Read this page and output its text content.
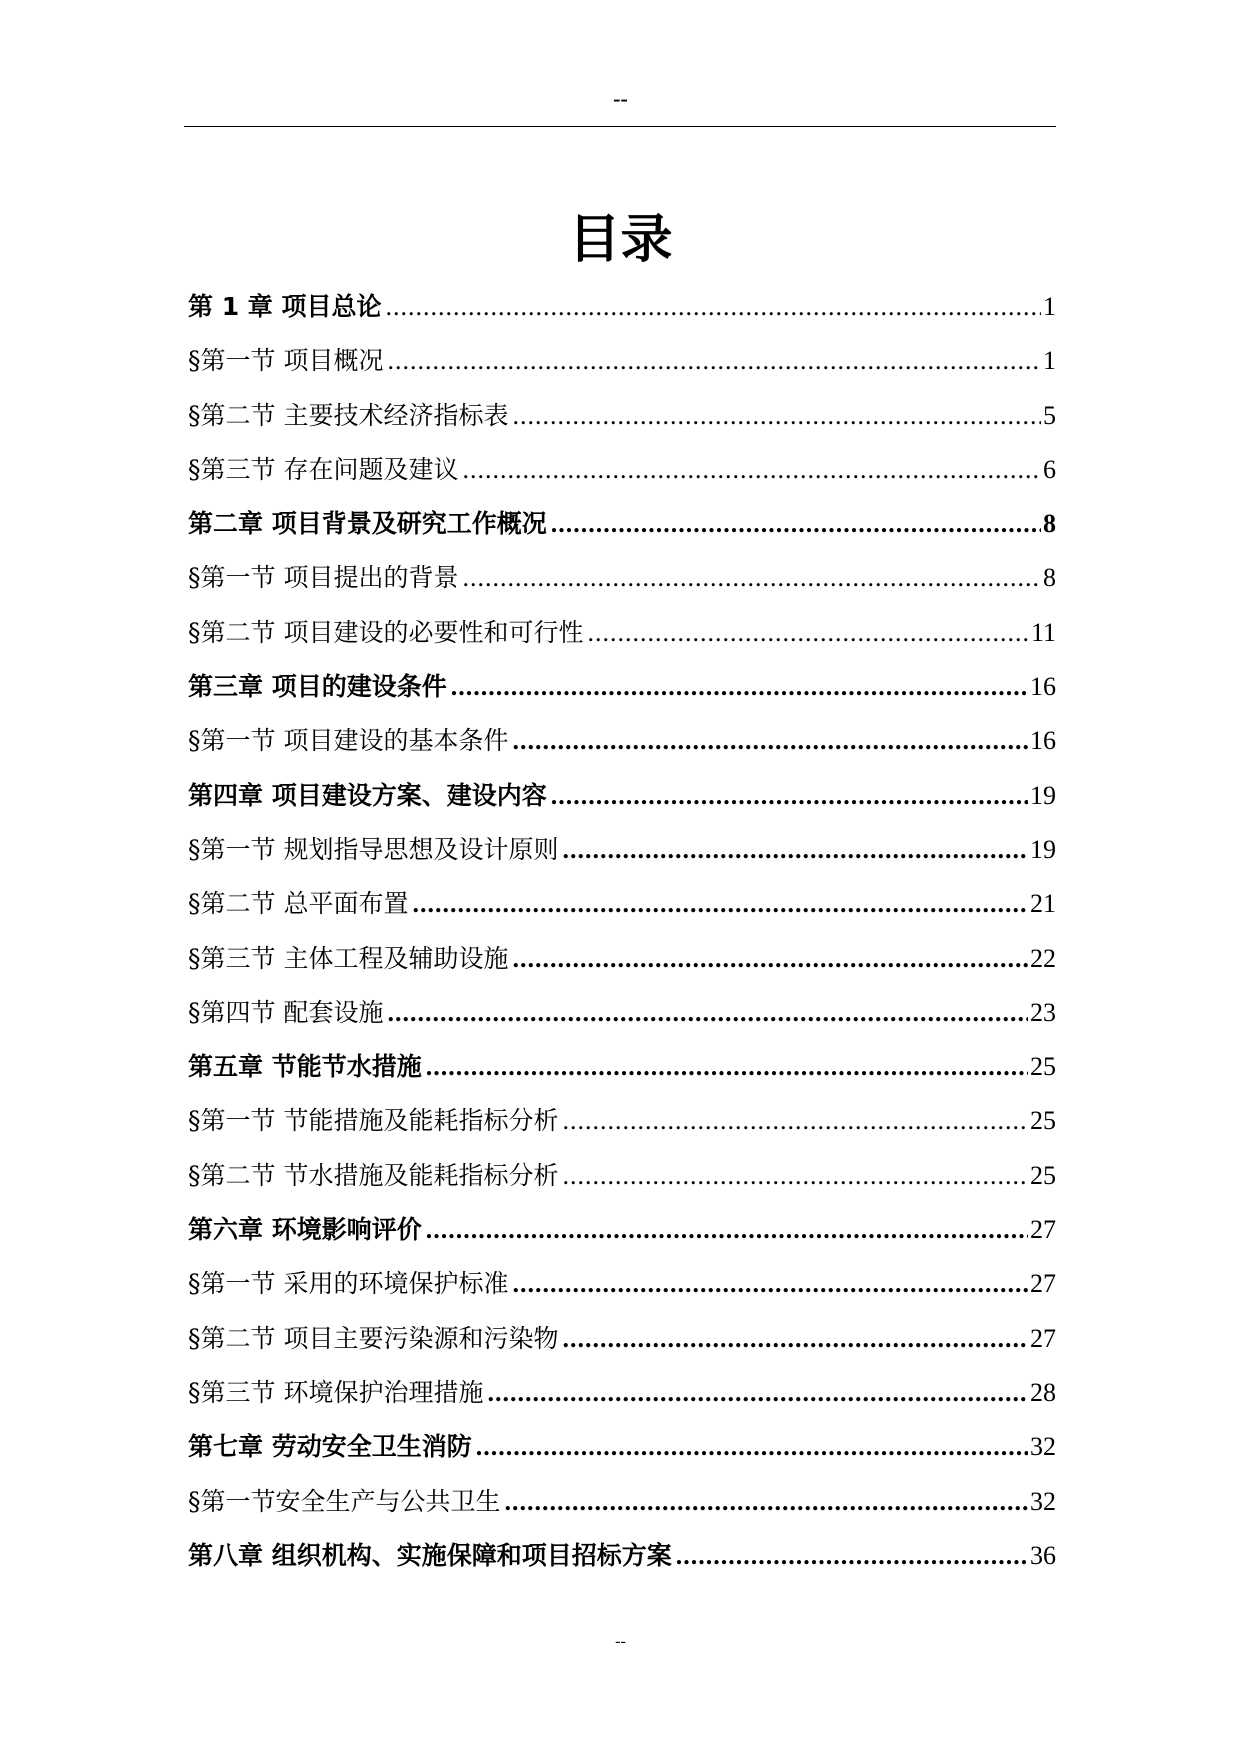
--
目录
第 1 章 项目总论 .....	1
§第一节 项目概况 .....	1
§第二节 主要技术经济指标表 .....	5
§第三节 存在问题及建议 .....	6
第二章 项目背景及研究工作概况 .....	8
§第一节 项目提出的背景 .....	8
§第二节 项目建设的必要性和可行性 .....	11
第三章 项目的建设条件 .....	16
§第一节 项目建设的基本条件 .....	16
第四章 项目建设方案、建设内容 .....	19
§第一节 规划指导思想及设计原则 .....	19
§第二节 总平面布置 .....	21
§第三节 主体工程及辅助设施 .....	22
§第四节 配套设施 .....	23
第五章 节能节水措施 .....	25
§第一节 节能措施及能耗指标分析 .....	25
§第二节 节水措施及能耗指标分析 .....	25
第六章 环境影响评价 .....	27
§第一节 采用的环境保护标准 .....	27
§第二节 项目主要污染源和污染物 .....	27
§第三节 环境保护治理措施 .....	28
第七章 劳动安全卫生消防 .....	32
§第一节安全生产与公共卫生 .....	32
第八章 组织机构、实施保障和项目招标方案 .....	36
--
